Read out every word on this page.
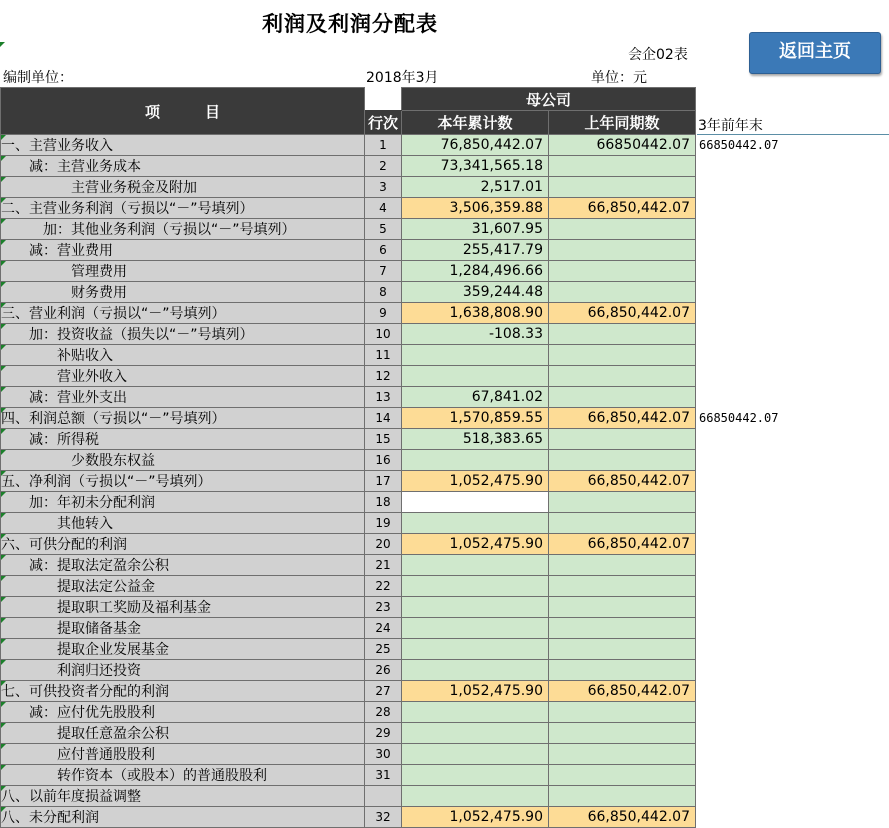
利润及利润分配表
会企02表	返回主页
编制单位：	2018年3月	单位：元
项　　　目		母公司		
	行次	本年累计数	上年同期数	3年前年末

一、主营业务收入	1	76,850,442.07	66850442.07	66850442.07

　　减：主营业务成本	2	73,341,565.18		

　　　　　主营业务税金及附加	3	2,517.01		

二、主营业务利润（亏损以“－”号填列）	4	3,506,359.88	66,850,442.07	

　　　加：其他业务利润（亏损以“－”号填列）	5	31,607.95		

　　减：营业费用	6	255,417.79		

　　　　　管理费用	7	1,284,496.66		

　　　　　财务费用	8	359,244.48		

三、营业利润（亏损以“－”号填列）	9	1,638,808.90	66,850,442.07	

　　加：投资收益（损失以“－”号填列）	10	-108.33		

　　　　补贴收入	11			

　　　　营业外收入	12			

　　减：营业外支出	13	67,841.02		

四、利润总额（亏损以“－”号填列）	14	1,570,859.55	66,850,442.07	66850442.07

　　减：所得税	15	518,383.65		

　　　　　少数股东权益	16			

五、净利润（亏损以“－”号填列）	17	1,052,475.90	66,850,442.07	

　　加：年初未分配利润	18			

　　　　其他转入	19			

六、可供分配的利润	20	1,052,475.90	66,850,442.07	

　　减：提取法定盈余公积	21			

　　　　提取法定公益金	22			

　　　　提取职工奖励及福利基金	23			

　　　　提取储备基金	24			

　　　　提取企业发展基金	25			

　　　　利润归还投资	26			

七、可供投资者分配的利润	27	1,052,475.90	66,850,442.07	

　　减：应付优先股股利	28			

　　　　提取任意盈余公积	29			

　　　　应付普通股股利	30			

　　　　转作资本（或股本）的普通股股利	31			

八、以前年度损益调整				

八、未分配利润	32	1,052,475.90	66,850,442.07	
